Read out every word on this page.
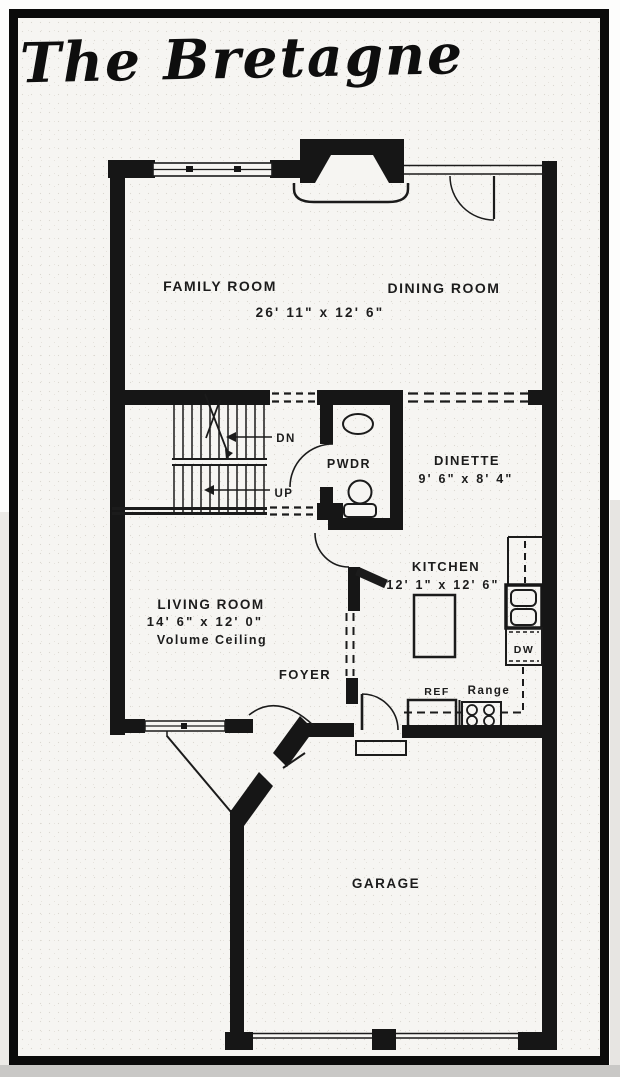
The Bretagne
FAMILY ROOM	DINING ROOM
26' 11" x 12' 6"
DN
UP
PWDR	DINETTE
9' 6" x 8' 4"
KITCHEN
12' 1" x 12' 6"
LIVING ROOM
14' 6" x 12' 0"
Volume Ceiling
FOYER
REF Range
DW
GARAGE
